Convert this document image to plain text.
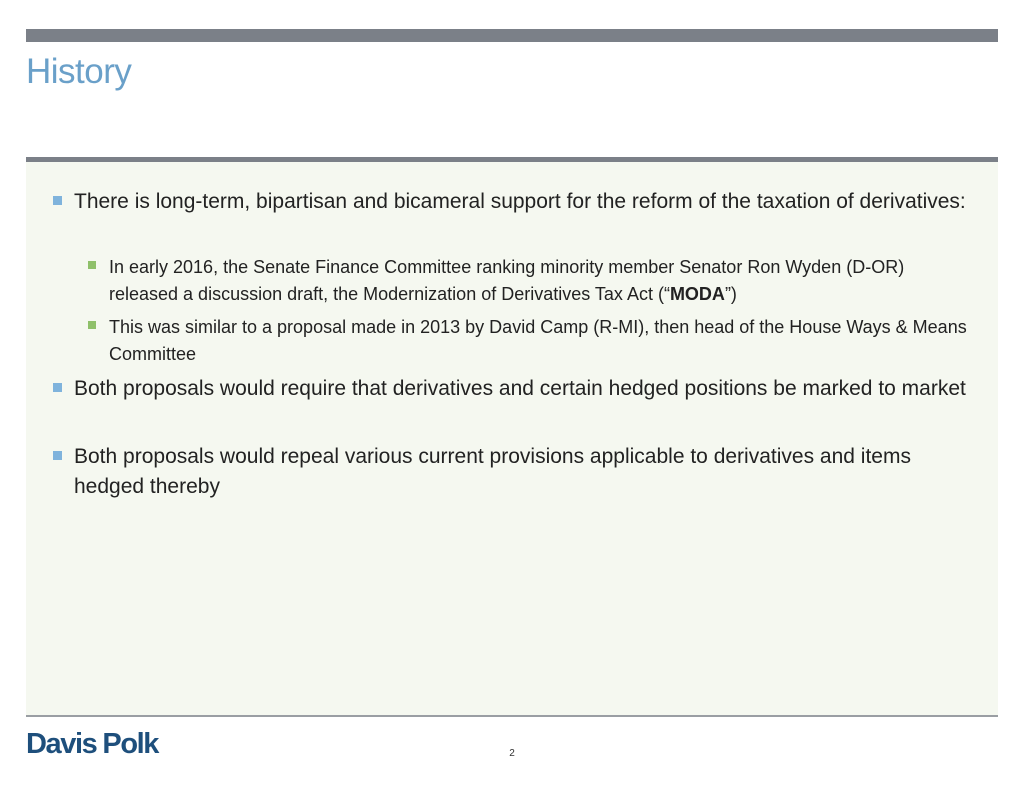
History
There is long-term, bipartisan and bicameral support for the reform of the taxation of derivatives:
In early 2016, the Senate Finance Committee ranking minority member Senator Ron Wyden (D-OR) released a discussion draft, the Modernization of Derivatives Tax Act (“MODA”)
This was similar to a proposal made in 2013 by David Camp (R-MI), then head of the House Ways & Means Committee
Both proposals would require that derivatives and certain hedged positions be marked to market
Both proposals would repeal various current provisions applicable to derivatives and items hedged thereby
Davis Polk	2
